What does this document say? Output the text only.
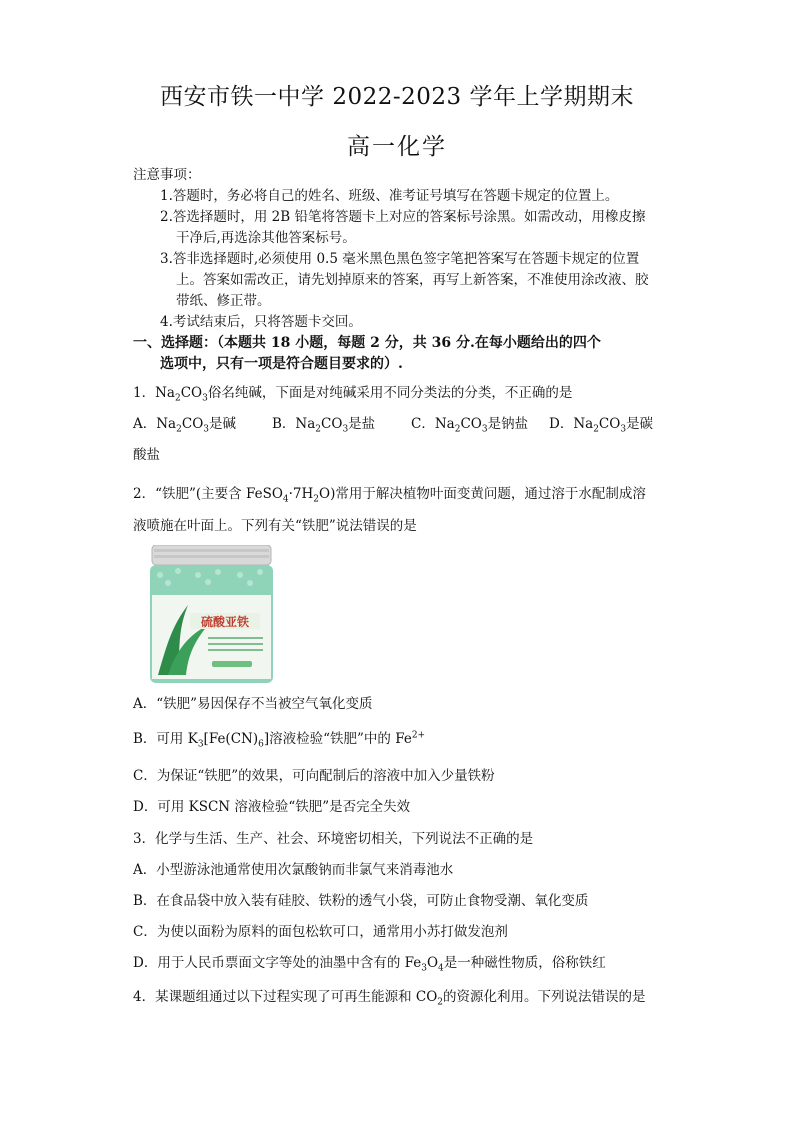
西安市铁一中学 2022-2023 学年上学期期末
高一化学
注意事项：
1.答题时，务必将自己的姓名、班级、准考证号填写在答题卡规定的位置上。
2.答选择题时，用 2B 铅笔将答题卡上对应的答案标号涂黑。如需改动，用橡皮擦
干净后,再选涂其他答案标号。
3.答非选择题时,必须使用 0.5 毫米黑色黑色签字笔把答案写在答题卡规定的位置
上。答案如需改正，请先划掉原来的答案，再写上新答案，不准使用涂改液、胶
带纸、修正带。
4.考试结束后，只将答题卡交回。
一、选择题：（本题共 18 小题，每题 2 分，共 36 分.在每小题给出的四个
选项中，只有一项是符合题目要求的）.
1．$Na_2CO_3$俗名纯碱，下面是对纯碱采用不同分类法的分类，不正确的是
A．$Na_2CO_3$是碱	B．$Na_2CO_3$是盐	C．$Na_2CO_3$是钠盐 D．$Na_2CO_3$是碳
酸盐
2．“铁肥”(主要含 $FeSO_4\cdot 7H_2O$)常用于解决植物叶面变黄问题，通过溶于水配制成溶
液喷施在叶面上。下列有关“铁肥”说法错误的是
硫酸亚铁
A．“铁肥”易因保存不当被空气氧化变质
B．可用 $K_3[Fe(CN)_6]$溶液检验“铁肥”中的 $Fe^{2+}$
C．为保证“铁肥”的效果，可向配制后的溶液中加入少量铁粉
D．可用 KSCN 溶液检验“铁肥”是否完全失效
3．化学与生活、生产、社会、环境密切相关，下列说法不正确的是
A．小型游泳池通常使用次氯酸钠而非氯气来消毒池水
B．在食品袋中放入装有硅胶、铁粉的透气小袋，可防止食物受潮、氧化变质
C．为使以面粉为原料的面包松软可口，通常用小苏打做发泡剂
D．用于人民币票面文字等处的油墨中含有的 $Fe_3O_4$是一种磁性物质，俗称铁红
4．某课题组通过以下过程实现了可再生能源和 $CO_2$的资源化利用。下列说法错误的是
